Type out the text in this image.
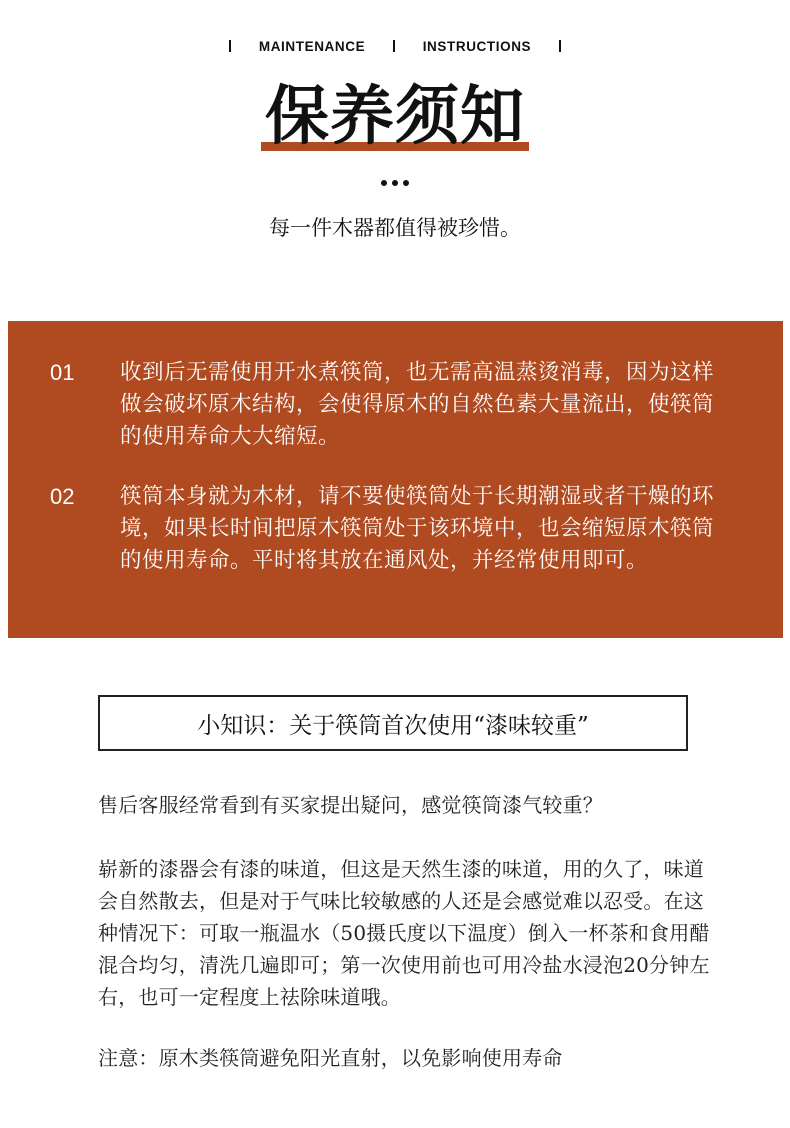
MAINTENANCE	INSTRUCTIONS
保养须知
每一件木器都值得被珍惜。
01 收到后无需使用开水煮筷筒，也无需高温蒸烫消毒，因为这样做会破坏原木结构，会使得原木的自然色素大量流出，使筷筒的使用寿命大大缩短。
02 筷筒本身就为木材，请不要使筷筒处于长期潮湿或者干燥的环境，如果长时间把原木筷筒处于该环境中，也会缩短原木筷筒的使用寿命。平时将其放在通风处，并经常使用即可。
小知识：关于筷筒首次使用“漆味较重”
售后客服经常看到有买家提出疑问，感觉筷筒漆气较重？
崭新的漆器会有漆的味道，但这是天然生漆的味道，用的久了，味道会自然散去，但是对于气味比较敏感的人还是会感觉难以忍受。在这种情况下：可取一瓶温水（50摄氏度以下温度）倒入一杯茶和食用醋混合均匀，清洗几遍即可；第一次使用前也可用冷盐水浸泡20分钟左右，也可一定程度上祛除味道哦。
注意：原木类筷筒避免阳光直射，以免影响使用寿命
